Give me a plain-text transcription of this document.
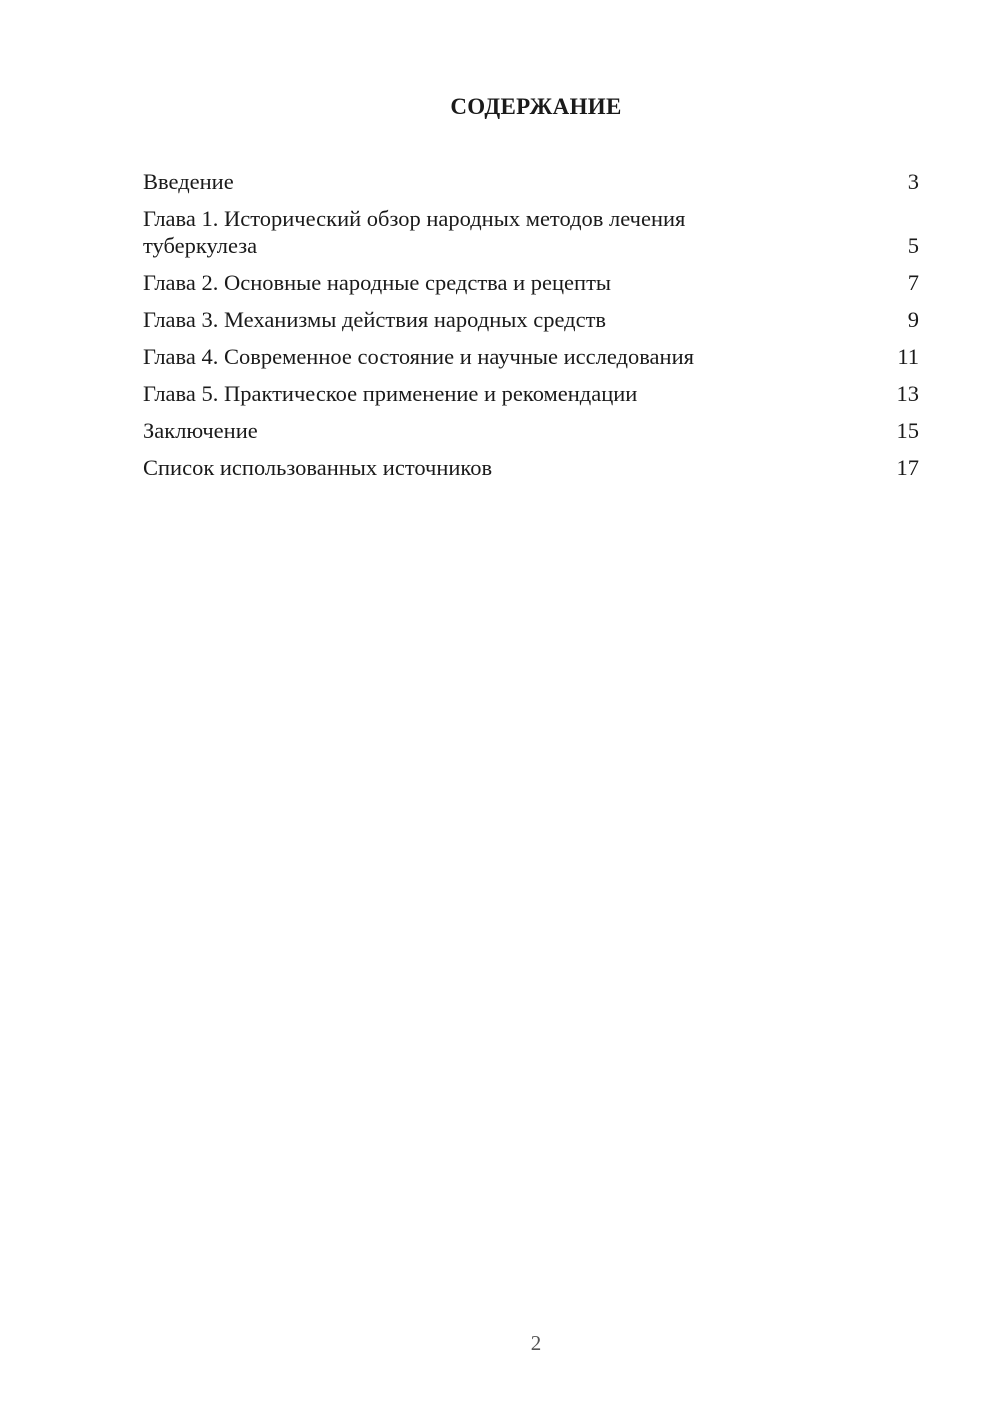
СОДЕРЖАНИЕ
Введение	3
Глава 1. Исторический обзор народных методов лечения туберкулеза	5
Глава 2. Основные народные средства и рецепты	7
Глава 3. Механизмы действия народных средств	9
Глава 4. Современное состояние и научные исследования	11
Глава 5. Практическое применение и рекомендации	13
Заключение	15
Список использованных источников	17
2
